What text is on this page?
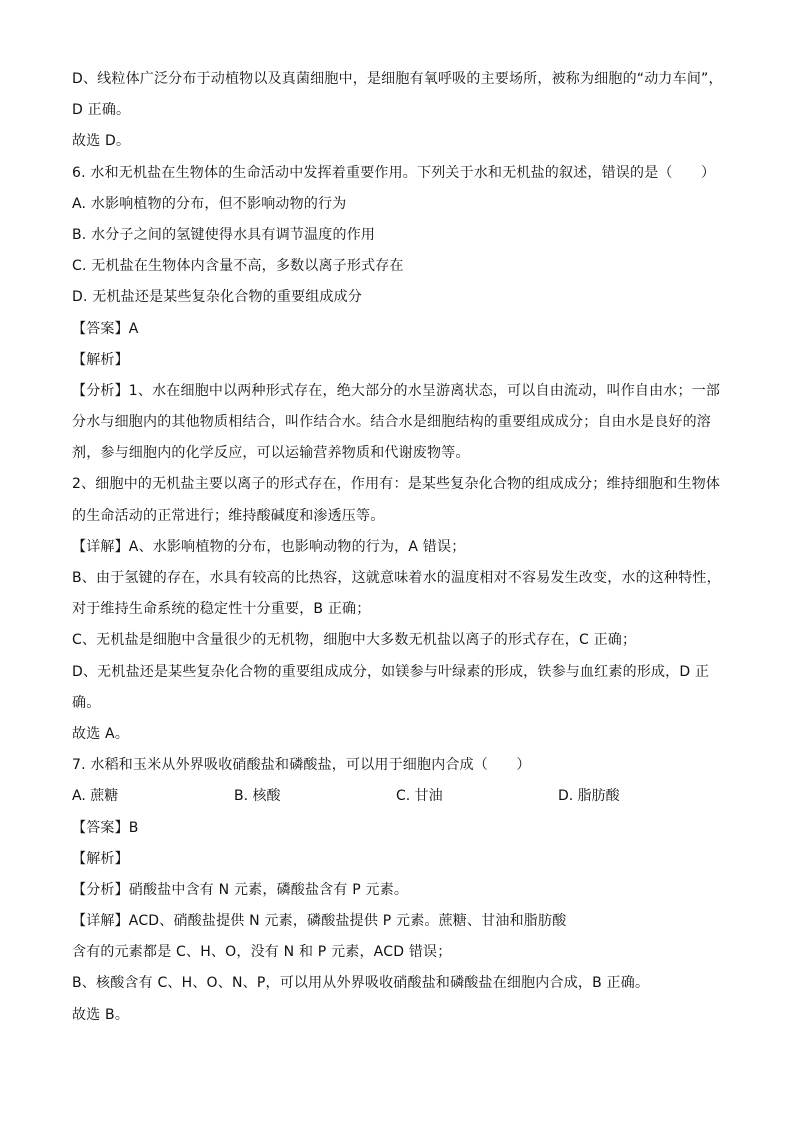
D、线粒体广泛分布于动植物以及真菌细胞中，是细胞有氧呼吸的主要场所，被称为细胞的“动力车间”，
D 正确。
故选 D。
6. 水和无机盐在生物体的生命活动中发挥着重要作用。下列关于水和无机盐的叙述，错误的是（　　）
A. 水影响植物的分布，但不影响动物的行为
B. 水分子之间的氢键使得水具有调节温度的作用
C. 无机盐在生物体内含量不高，多数以离子形式存在
D. 无机盐还是某些复杂化合物的重要组成成分
【答案】A
【解析】
【分析】1、水在细胞中以两种形式存在，绝大部分的水呈游离状态，可以自由流动，叫作自由水；一部
分水与细胞内的其他物质相结合，叫作结合水。结合水是细胞结构的重要组成成分；自由水是良好的溶
剂，参与细胞内的化学反应，可以运输营养物质和代谢废物等。
2、细胞中的无机盐主要以离子的形式存在，作用有：是某些复杂化合物的组成成分；维持细胞和生物体
的生命活动的正常进行；维持酸碱度和渗透压等。
【详解】A、水影响植物的分布，也影响动物的行为，A 错误；
B、由于氢键的存在，水具有较高的比热容，这就意味着水的温度相对不容易发生改变，水的这种特性，
对于维持生命系统的稳定性十分重要，B 正确；
C、无机盐是细胞中含量很少的无机物，细胞中大多数无机盐以离子的形式存在，C 正确；
D、无机盐还是某些复杂化合物的重要组成成分，如镁参与叶绿素的形成，铁参与血红素的形成，D 正
确。
故选 A。
7. 水稻和玉米从外界吸收硝酸盐和磷酸盐，可以用于细胞内合成（　　）
A. 蔗糖	B. 核酸	C. 甘油	D. 脂肪酸
【答案】B
【解析】
【分析】硝酸盐中含有 N 元素，磷酸盐含有 P 元素。
【详解】ACD、硝酸盐提供 N 元素，磷酸盐提供 P 元素。蔗糖、甘油和脂肪酸
含有的元素都是 C、H、O，没有 N 和 P 元素，ACD 错误；
B、核酸含有 C、H、O、N、P，可以用从外界吸收硝酸盐和磷酸盐在细胞内合成，B 正确。
故选 B。
